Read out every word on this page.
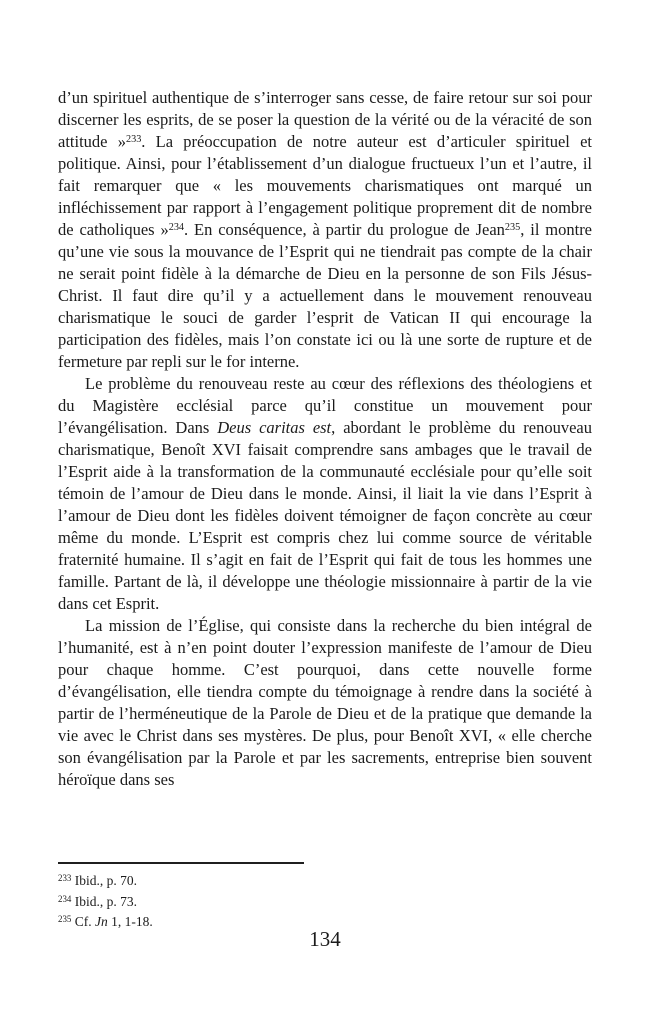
d’un spirituel authentique de s’interroger sans cesse, de faire retour sur soi pour discerner les esprits, de se poser la question de la vérité ou de la véracité de son attitude »$^{233}$. La préoccupation de notre auteur est d’articuler spirituel et politique. Ainsi, pour l’établissement d’un dialogue fructueux l’un et l’autre, il fait remarquer que « les mouvements charismatiques ont marqué un infléchissement par rapport à l’engagement politique proprement dit de nombre de catholiques »$^{234}$. En conséquence, à partir du prologue de Jean$^{235}$, il montre qu’une vie sous la mouvance de l’Esprit qui ne tiendrait pas compte de la chair ne serait point fidèle à la démarche de Dieu en la personne de son Fils Jésus-Christ. Il faut dire qu’il y a actuellement dans le mouvement renouveau charismatique le souci de garder l’esprit de Vatican II qui encourage la participation des fidèles, mais l’on constate ici ou là une sorte de rupture et de fermeture par repli sur le for interne.

Le problème du renouveau reste au cœur des réflexions des théologiens et du Magistère ecclésial parce qu’il constitue un mouvement pour l’évangélisation. Dans Deus caritas est, abordant le problème du renouveau charismatique, Benoît XVI faisait comprendre sans ambages que le travail de l’Esprit aide à la transformation de la communauté ecclésiale pour qu’elle soit témoin de l’amour de Dieu dans le monde. Ainsi, il liait la vie dans l’Esprit à l’amour de Dieu dont les fidèles doivent témoigner de façon concrète au cœur même du monde. L’Esprit est compris chez lui comme source de véritable fraternité humaine. Il s’agit en fait de l’Esprit qui fait de tous les hommes une famille. Partant de là, il développe une théologie missionnaire à partir de la vie dans cet Esprit.

La mission de l’Église, qui consiste dans la recherche du bien intégral de l’humanité, est à n’en point douter l’expression manifeste de l’amour de Dieu pour chaque homme. C’est pourquoi, dans cette nouvelle forme d’évangélisation, elle tiendra compte du témoignage à rendre dans la société à partir de l’herméneutique de la Parole de Dieu et de la pratique que demande la vie avec le Christ dans ses mystères. De plus, pour Benoît XVI, « elle cherche son évangélisation par la Parole et par les sacrements, entreprise bien souvent héroïque dans ses

$^{233}$ Ibid., p. 70.

$^{234}$ Ibid., p. 73.

$^{235}$ Cf. Jn 1, 1-18.

134
